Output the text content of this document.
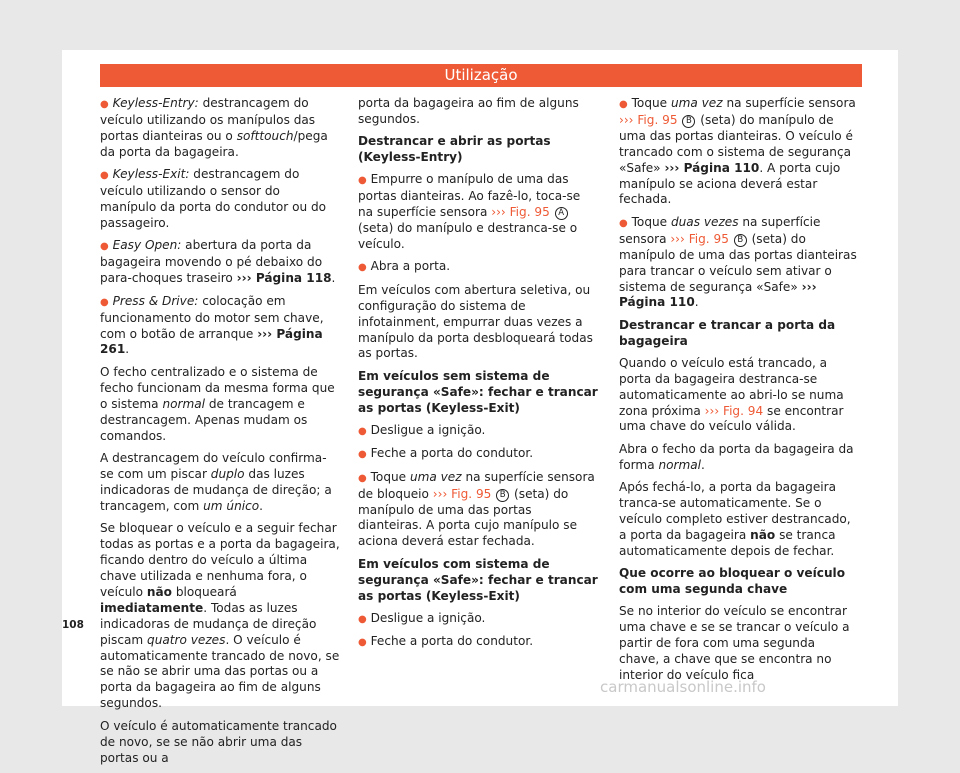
Utilização

● Keyless-Entry: destrancagem do veículo utilizando os manípulos das portas dianteiras ou o softtouch/pega da porta da bagageira.

● Keyless-Exit: destrancagem do veículo utilizando o sensor do manípulo da porta do condutor ou do passageiro.

● Easy Open: abertura da porta da bagageira movendo o pé debaixo do para-choques traseiro ››› Página 118.

● Press & Drive: colocação em funcionamento do motor sem chave, com o botão de arranque ››› Página 261.

O fecho centralizado e o sistema de fecho funcionam da mesma forma que o sistema normal de trancagem e destrancagem. Apenas mudam os comandos.

A destrancagem do veículo confirma-se com um piscar duplo das luzes indicadoras de mudança de direção; a trancagem, com um único.

Se bloquear o veículo e a seguir fechar todas as portas e a porta da bagageira, ficando dentro do veículo a última chave utilizada e nenhuma fora, o veículo não bloqueará imediatamente. Todas as luzes indicadoras de mudança de direção piscam quatro vezes. O veículo é automaticamente trancado de novo, se se não se abrir uma das portas ou a porta da bagageira ao fim de alguns segundos.

O veículo é automaticamente trancado de novo, se se não abrir uma das portas ou a

porta da bagageira ao fim de alguns segundos.

Destrancar e abrir as portas (Keyless-Entry)

● Empurre o manípulo de uma das portas dianteiras. Ao fazê-lo, toca-se na superfície sensora ››› Fig. 95 A (seta) do manípulo e destranca-se o veículo.

● Abra a porta.

Em veículos com abertura seletiva, ou configuração do sistema de infotainment, empurrar duas vezes a manípulo da porta desbloqueará todas as portas.

Em veículos sem sistema de segurança «Safe»: fechar e trancar as portas (Keyless-Exit)

● Desligue a ignição.

● Feche a porta do condutor.

● Toque uma vez na superfície sensora de bloqueio ››› Fig. 95 B (seta) do manípulo de uma das portas dianteiras. A porta cujo manípulo se aciona deverá estar fechada.

Em veículos com sistema de segurança «Safe»: fechar e trancar as portas (Keyless-Exit)

● Desligue a ignição.

● Feche a porta do condutor.

● Toque uma vez na superfície sensora ››› Fig. 95 B (seta) do manípulo de uma das portas dianteiras. O veículo é trancado com o sistema de segurança «Safe» ››› Página 110. A porta cujo manípulo se aciona deverá estar fechada.

● Toque duas vezes na superfície sensora ››› Fig. 95 B (seta) do manípulo de uma das portas dianteiras para trancar o veículo sem ativar o sistema de segurança «Safe» ››› Página 110.

Destrancar e trancar a porta da bagageira

Quando o veículo está trancado, a porta da bagageira destranca-se automaticamente ao abri-lo se numa zona próxima ››› Fig. 94 se encontrar uma chave do veículo válida.

Abra o fecho da porta da bagageira da forma normal.

Após fechá-lo, a porta da bagageira tranca-se automaticamente. Se o veículo completo estiver destrancado, a porta da bagageira não se tranca automaticamente depois de fechar.

Que ocorre ao bloquear o veículo com uma segunda chave

Se no interior do veículo se encontrar uma chave e se se trancar o veículo a partir de fora com uma segunda chave, a chave que se encontra no interior do veículo fica

108
carmanualsonline.info
